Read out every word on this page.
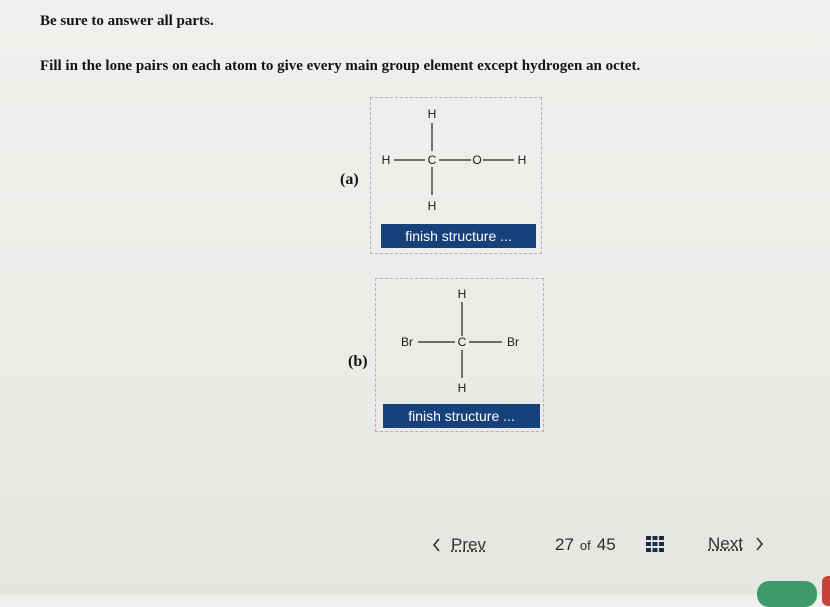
Be sure to answer all parts.
Fill in the lone pairs on each atom to give every main group element except hydrogen an octet.
(a)
H
H	C	O	H
H
finish structure ...
(b)
H
Br	C	Br
H
finish structure ...
Prev	27 of 45	Next
